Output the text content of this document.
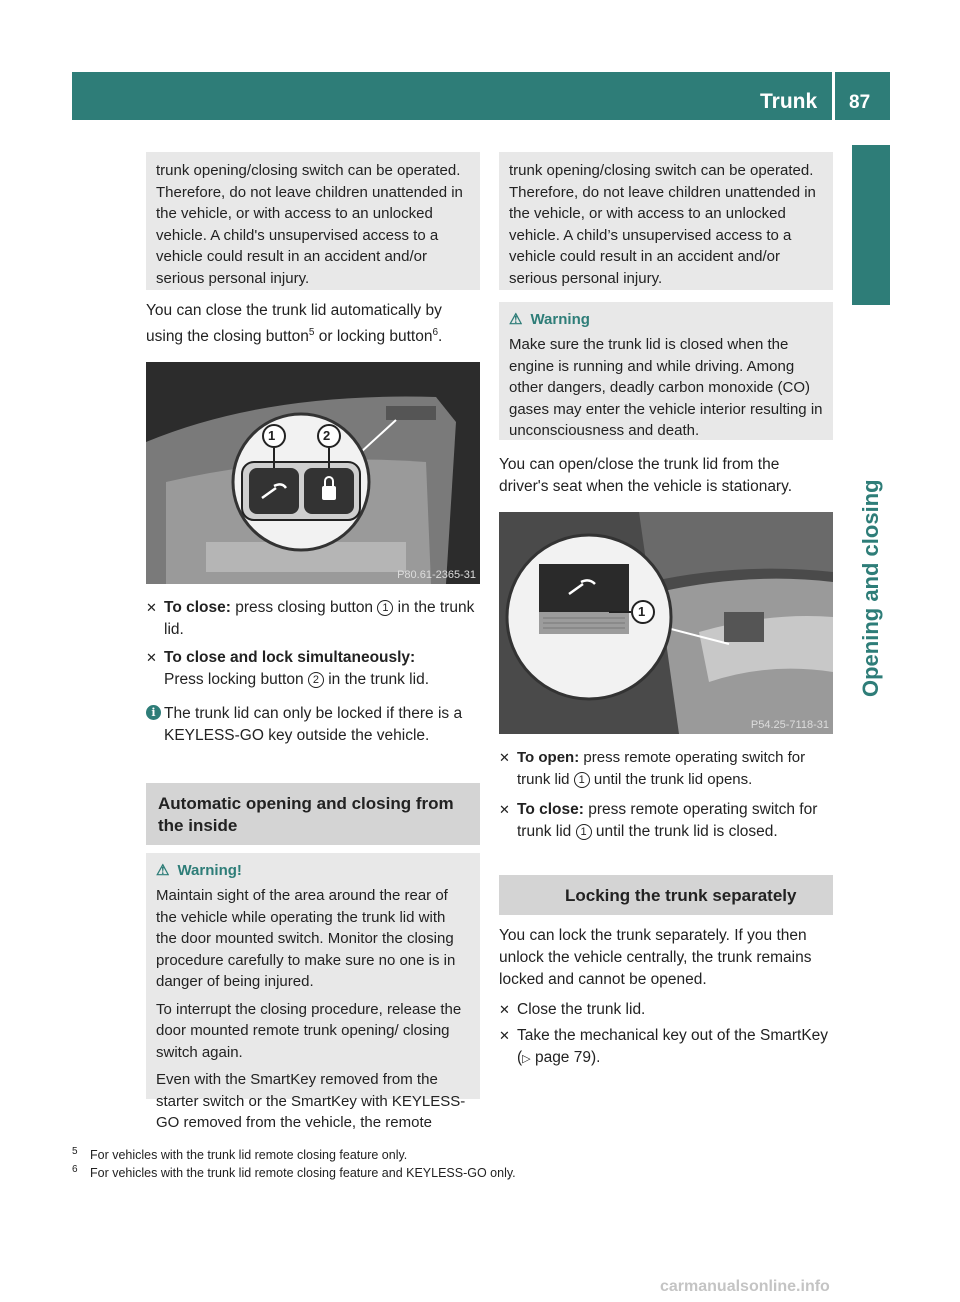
Trunk 87
Opening and closing
trunk opening/closing switch can be operated. Therefore, do not leave children unattended in the vehicle, or with access to an unlocked vehicle. A child's unsupervised access to a vehicle could result in an accident and/or serious personal injury.

You can close the trunk lid automatically by using the closing button$^5$ or locking button$^6$.

1	2
P80.61-2365-31
✕ To close: press closing button 1 in the trunk lid.
✕ To close and lock simultaneously:
Press locking button 2 in the trunk lid.
i The trunk lid can only be locked if there is a KEYLESS-GO key outside the vehicle.
Automatic opening and closing from the inside
⚠ Warning!

Maintain sight of the area around the rear of the vehicle while operating the trunk lid with the door mounted switch. Monitor the closing procedure carefully to make sure no one is in danger of being injured.

To interrupt the closing procedure, release the door mounted remote trunk opening/ closing switch again.

Even with the SmartKey removed from the starter switch or the SmartKey with KEYLESS-GO removed from the vehicle, the remote

trunk opening/closing switch can be operated. Therefore, do not leave children unattended in the vehicle, or with access to an unlocked vehicle. A child’s unsupervised access to a vehicle could result in an accident and/or serious personal injury.
⚠ Warning

Make sure the trunk lid is closed when the engine is running and while driving. Among other dangers, deadly carbon monoxide (CO) gases may enter the vehicle interior resulting in unconsciousness and death.

You can open/close the trunk lid from the driver's seat when the vehicle is stationary.

1
P54.25-7118-31
✕ To open: press remote operating switch for trunk lid 1 until the trunk lid opens.
✕ To close: press remote operating switch for trunk lid 1 until the trunk lid is closed.
Locking the trunk separately

You can lock the trunk separately. If you then unlock the vehicle centrally, the trunk remains locked and cannot be opened.

✕ Close the trunk lid.
✕ Take the mechanical key out of the SmartKey (▷ page 79).
5 For vehicles with the trunk lid remote closing feature only.
6 For vehicles with the trunk lid remote closing feature and KEYLESS-GO only.
carmanualsonline.info
